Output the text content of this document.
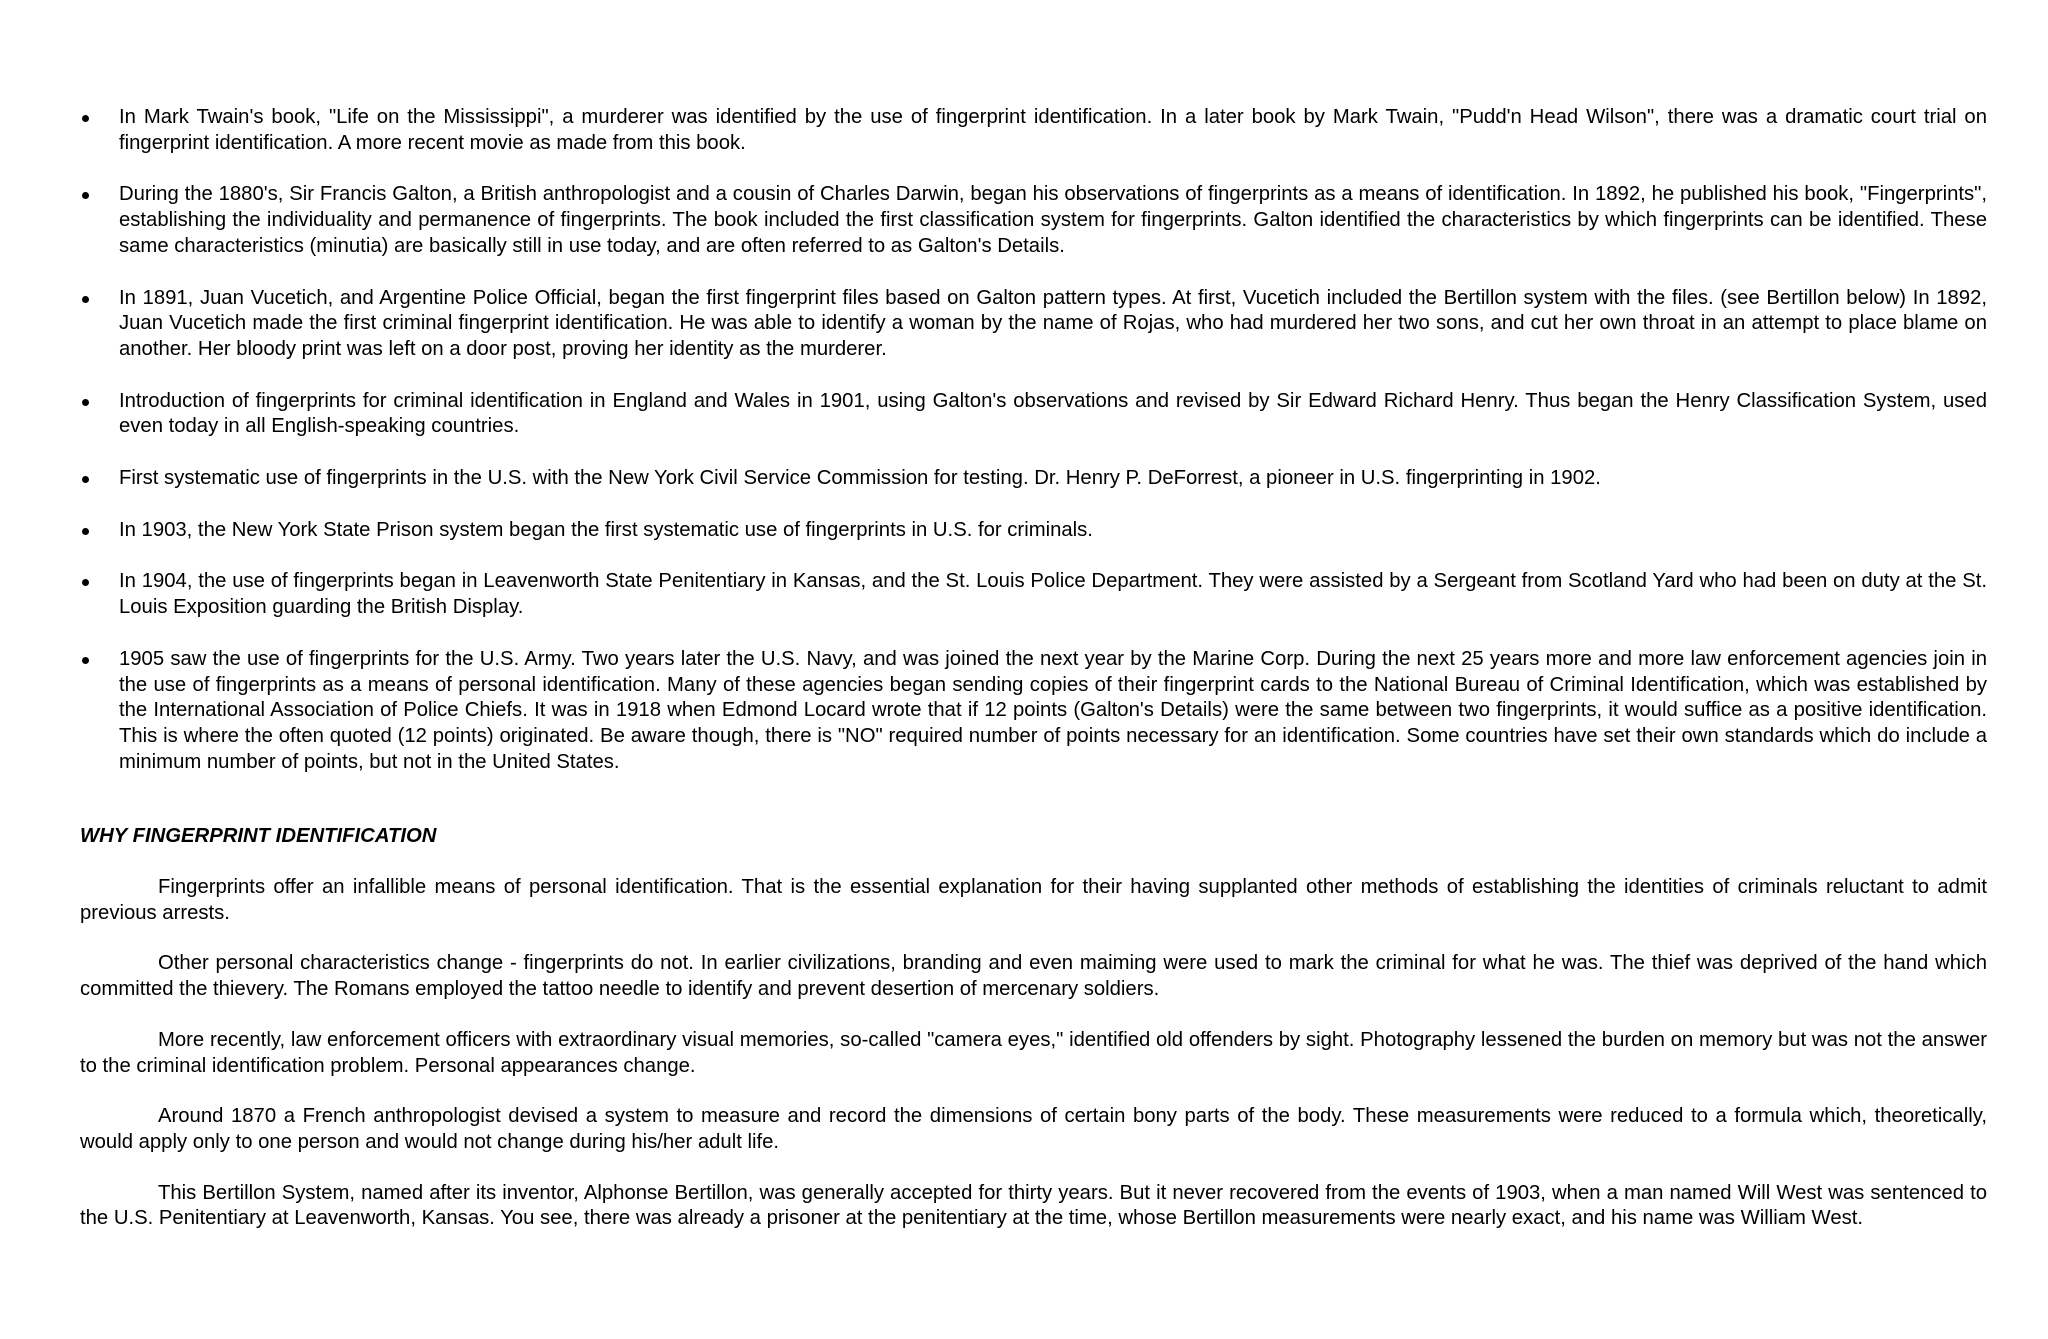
In Mark Twain's book, "Life on the Mississippi", a murderer was identified by the use of fingerprint identification. In a later book by Mark Twain, "Pudd'n Head Wilson", there was a dramatic court trial on fingerprint identification. A more recent movie as made from this book.
During the 1880's, Sir Francis Galton, a British anthropologist and a cousin of Charles Darwin, began his observations of fingerprints as a means of identification. In 1892, he published his book, "Fingerprints", establishing the individuality and permanence of fingerprints. The book included the first classification system for fingerprints. Galton identified the characteristics by which fingerprints can be identified. These same characteristics (minutia) are basically still in use today, and are often referred to as Galton's Details.
In 1891, Juan Vucetich, and Argentine Police Official, began the first fingerprint files based on Galton pattern types. At first, Vucetich included the Bertillon system with the files. (see Bertillon below) In 1892, Juan Vucetich made the first criminal fingerprint identification. He was able to identify a woman by the name of Rojas, who had murdered her two sons, and cut her own throat in an attempt to place blame on another. Her bloody print was left on a door post, proving her identity as the murderer.
Introduction of fingerprints for criminal identification in England and Wales in 1901, using Galton's observations and revised by Sir Edward Richard Henry. Thus began the Henry Classification System, used even today in all English-speaking countries.
First systematic use of fingerprints in the U.S. with the New York Civil Service Commission for testing. Dr. Henry P. DeForrest, a pioneer in U.S. fingerprinting in 1902.
In 1903, the New York State Prison system began the first systematic use of fingerprints in U.S. for criminals.
In 1904, the use of fingerprints began in Leavenworth State Penitentiary in Kansas, and the St. Louis Police Department. They were assisted by a Sergeant from Scotland Yard who had been on duty at the St. Louis Exposition guarding the British Display.
1905 saw the use of fingerprints for the U.S. Army. Two years later the U.S. Navy, and was joined the next year by the Marine Corp. During the next 25 years more and more law enforcement agencies join in the use of fingerprints as a means of personal identification. Many of these agencies began sending copies of their fingerprint cards to the National Bureau of Criminal Identification, which was established by the International Association of Police Chiefs. It was in 1918 when Edmond Locard wrote that if 12 points (Galton's Details) were the same between two fingerprints, it would suffice as a positive identification. This is where the often quoted (12 points) originated. Be aware though, there is "NO" required number of points necessary for an identification. Some countries have set their own standards which do include a minimum number of points, but not in the United States.
WHY FINGERPRINT IDENTIFICATION

Fingerprints offer an infallible means of personal identification. That is the essential explanation for their having supplanted other methods of establishing the identities of criminals reluctant to admit previous arrests.

Other personal characteristics change - fingerprints do not. In earlier civilizations, branding and even maiming were used to mark the criminal for what he was. The thief was deprived of the hand which committed the thievery. The Romans employed the tattoo needle to identify and prevent desertion of mercenary soldiers.

More recently, law enforcement officers with extraordinary visual memories, so-called "camera eyes," identified old offenders by sight. Photography lessened the burden on memory but was not the answer to the criminal identification problem. Personal appearances change.

Around 1870 a French anthropologist devised a system to measure and record the dimensions of certain bony parts of the body. These measurements were reduced to a formula which, theoretically, would apply only to one person and would not change during his/her adult life.

This Bertillon System, named after its inventor, Alphonse Bertillon, was generally accepted for thirty years. But it never recovered from the events of 1903, when a man named Will West was sentenced to the U.S. Penitentiary at Leavenworth, Kansas. You see, there was already a prisoner at the penitentiary at the time, whose Bertillon measurements were nearly exact, and his name was William West.
